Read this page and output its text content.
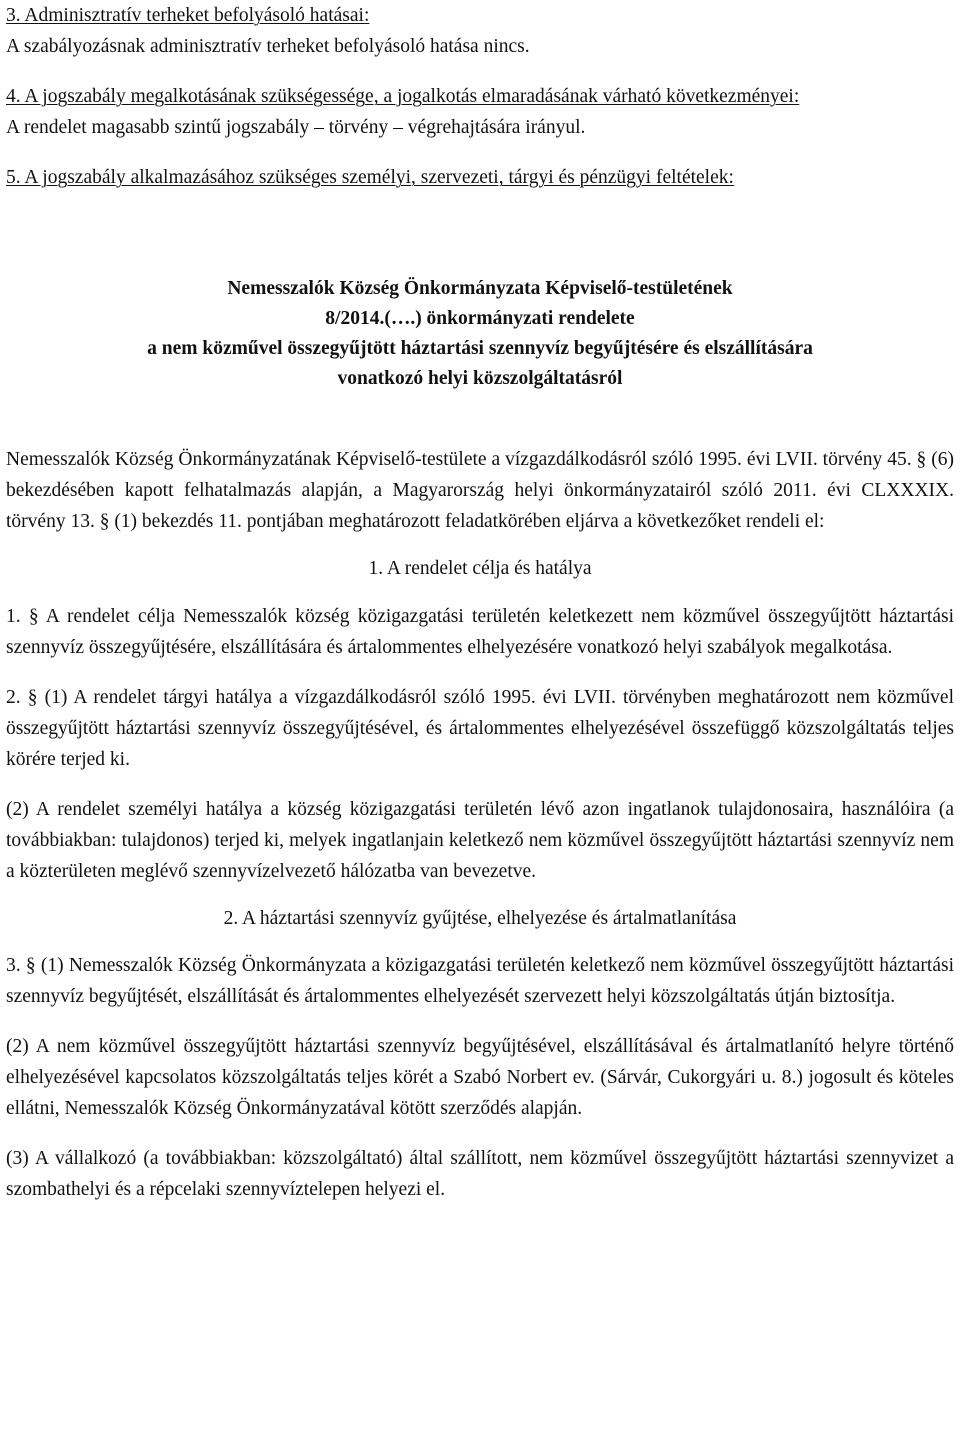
3. Adminisztratív terheket befolyásoló hatásai:

A szabályozásnak adminisztratív terheket befolyásoló hatása nincs.

4. A jogszabály megalkotásának szükségessége, a jogalkotás elmaradásának várható következményei:

A rendelet magasabb szintű jogszabály – törvény – végrehajtására irányul.

5. A jogszabály alkalmazásához szükséges személyi, szervezeti, tárgyi és pénzügyi feltételek:

Nemesszalók Község Önkormányzata Képviselő-testületének
8/2014.(….) önkormányzati rendelete
a nem közművel összegyűjtött háztartási szennyvíz begyűjtésére és elszállítására
vonatkozó helyi közszolgáltatásról

Nemesszalók Község Önkormányzatának Képviselő-testülete a vízgazdálkodásról szóló 1995. évi LVII. törvény 45. § (6) bekezdésében kapott felhatalmazás alapján, a Magyarország helyi önkormányzatairól szóló 2011. évi CLXXXIX. törvény 13. § (1) bekezdés 11. pontjában meghatározott feladatkörében eljárva a következőket rendeli el:

1. A rendelet célja és hatálya

1. § A rendelet célja Nemesszalók község közigazgatási területén keletkezett nem közművel összegyűjtött háztartási szennyvíz összegyűjtésére, elszállítására és ártalommentes elhelyezésére vonatkozó helyi szabályok megalkotása.

2. § (1) A rendelet tárgyi hatálya a vízgazdálkodásról szóló 1995. évi LVII. törvényben meghatározott nem közművel összegyűjtött háztartási szennyvíz összegyűjtésével, és ártalommentes elhelyezésével összefüggő közszolgáltatás teljes körére terjed ki.

(2) A rendelet személyi hatálya a község közigazgatási területén lévő azon ingatlanok tulajdonosaira, használóira (a továbbiakban: tulajdonos) terjed ki, melyek ingatlanjain keletkező nem közművel összegyűjtött háztartási szennyvíz nem a közterületen meglévő szennyvízelvezető hálózatba van bevezetve.

2. A háztartási szennyvíz gyűjtése, elhelyezése és ártalmatlanítása

3. § (1) Nemesszalók Község Önkormányzata a közigazgatási területén keletkező nem közművel összegyűjtött háztartási szennyvíz begyűjtését, elszállítását és ártalommentes elhelyezését szervezett helyi közszolgáltatás útján biztosítja.

(2) A nem közművel összegyűjtött háztartási szennyvíz begyűjtésével, elszállításával és ártalmatlanító helyre történő elhelyezésével kapcsolatos közszolgáltatás teljes körét a Szabó Norbert ev. (Sárvár, Cukorgyári u. 8.) jogosult és köteles ellátni, Nemesszalók Község Önkormányzatával kötött szerződés alapján.

(3) A vállalkozó (a továbbiakban: közszolgáltató) által szállított, nem közművel összegyűjtött háztartási szennyvizet a szombathelyi és a répcelaki szennyvíztelepen helyezi el.
